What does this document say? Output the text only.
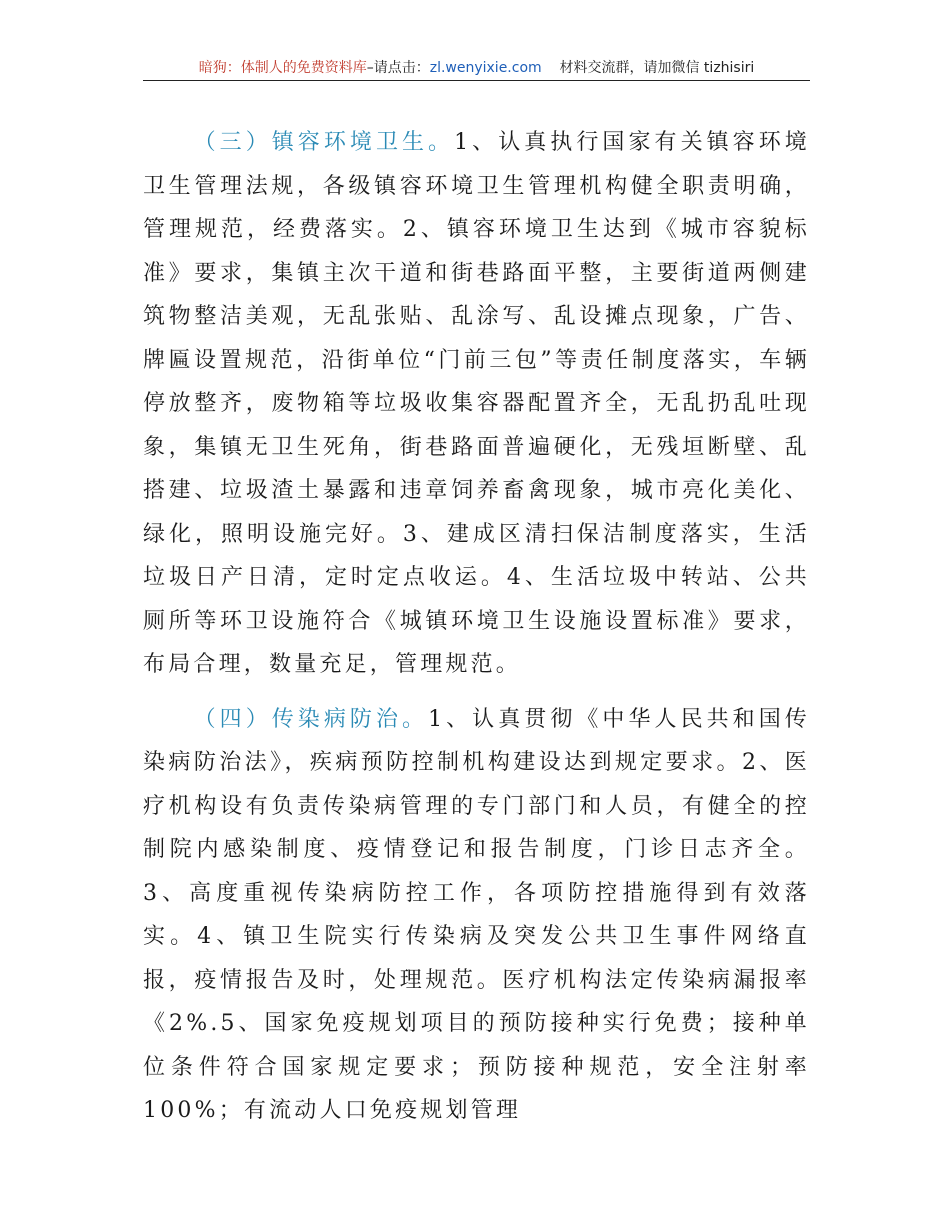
暗狗：体制人的免费资料库–请点击：zl.wenyixie.com 材料交流群，请加微信 tizhisiri

（三）镇容环境卫生。1、认真执行国家有关镇容环境卫生管理法规，各级镇容环境卫生管理机构健全职责明确，管理规范，经费落实。2、镇容环境卫生达到《城市容貌标准》要求，集镇主次干道和街巷路面平整，主要街道两侧建筑物整洁美观，无乱张贴、乱涂写、乱设摊点现象，广告、牌匾设置规范，沿街单位“门前三包”等责任制度落实，车辆停放整齐，废物箱等垃圾收集容器配置齐全，无乱扔乱吐现象，集镇无卫生死角，街巷路面普遍硬化，无残垣断壁、乱搭建、垃圾渣土暴露和违章饲养畜禽现象，城市亮化美化、绿化，照明设施完好。3、建成区清扫保洁制度落实，生活垃圾日产日清，定时定点收运。4、生活垃圾中转站、公共厕所等环卫设施符合《城镇环境卫生设施设置标准》要求，布局合理，数量充足，管理规范。

（四）传染病防治。1、认真贯彻《中华人民共和国传染病防治法》，疾病预防控制机构建设达到规定要求。2、医疗机构设有负责传染病管理的专门部门和人员，有健全的控制院内感染制度、疫情登记和报告制度，门诊日志齐全。3、高度重视传染病防控工作，各项防控措施得到有效落实。4、镇卫生院实行传染病及突发公共卫生事件网络直报，疫情报告及时，处理规范。医疗机构法定传染病漏报率《2%.5、国家免疫规划项目的预防接种实行免费；接种单位条件符合国家规定要求；预防接种规范，安全注射率100%；有流动人口免疫规划管理
